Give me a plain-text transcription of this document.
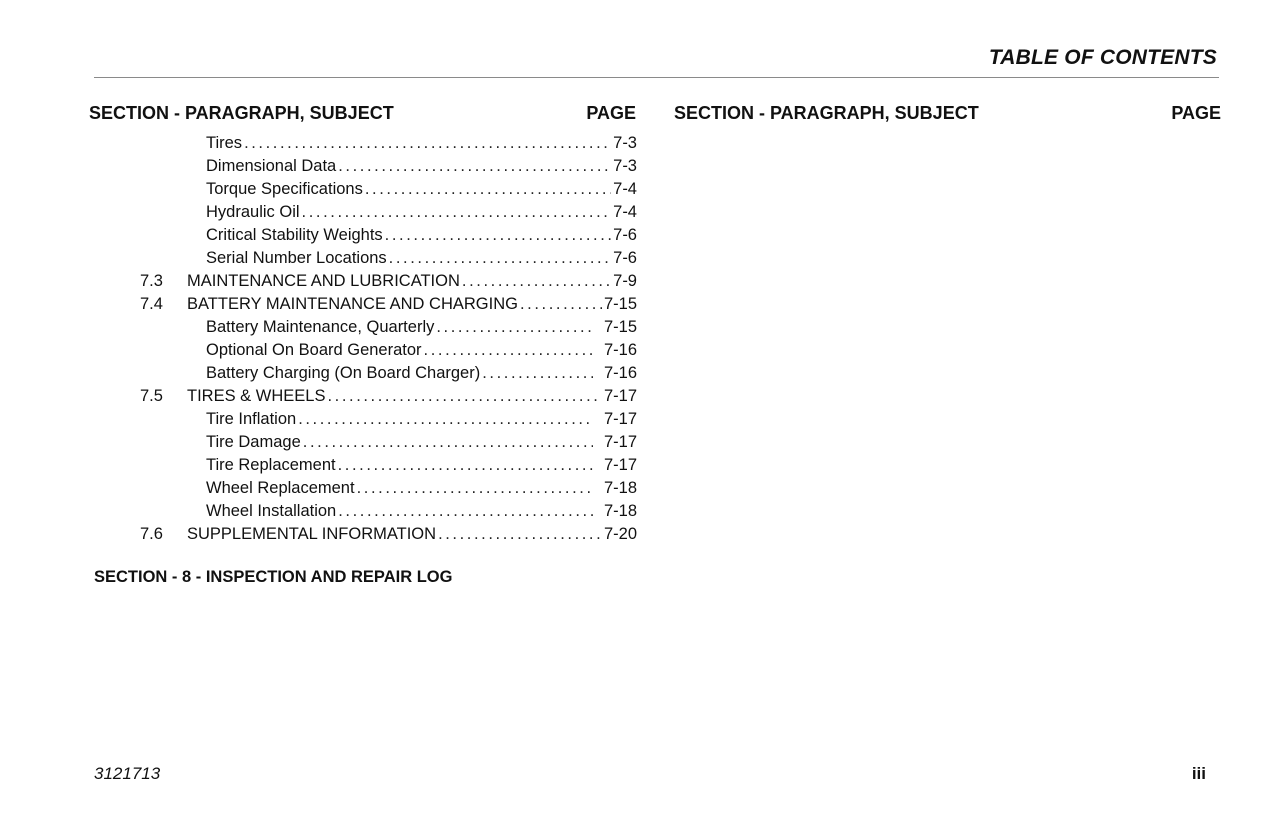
TABLE OF CONTENTS
SECTION - PARAGRAPH, SUBJECT	PAGE SECTION - PARAGRAPH, SUBJECT	PAGE
Tires .....	7-3
Dimensional Data .....	7-3
Torque Specifications .....	7-4
Hydraulic Oil .....	7-4
Critical Stability Weights .....	7-6
Serial Number Locations .....	7-6
7.3 MAINTENANCE AND LUBRICATION .....	7-9
7.4 BATTERY MAINTENANCE AND CHARGING .....	7-15
Battery Maintenance, Quarterly .....	7-15
Optional On Board Generator .....	7-16
Battery Charging (On Board Charger) .....	7-16
7.5 TIRES & WHEELS .....	7-17
Tire Inflation .....	7-17
Tire Damage .....	7-17
Tire Replacement .....	7-17
Wheel Replacement .....	7-18
Wheel Installation .....	7-18
7.6 SUPPLEMENTAL INFORMATION .....	7-20
SECTION - 8 - INSPECTION AND REPAIR LOG
3121713	iii
